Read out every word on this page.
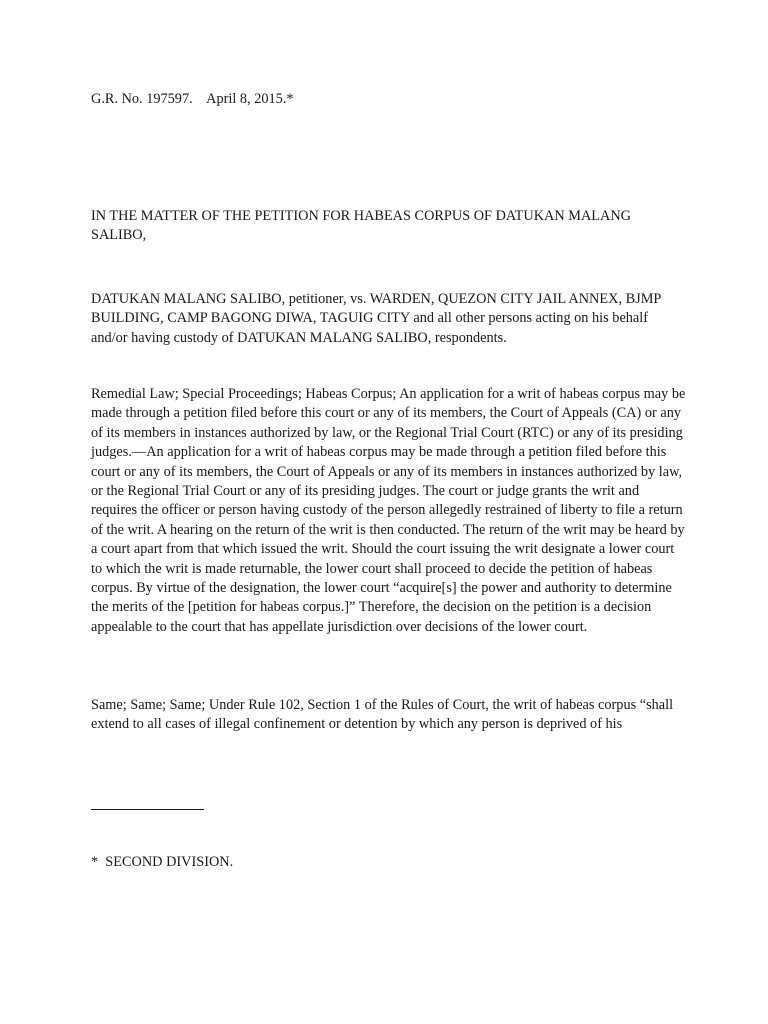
G.R. No. 197597.    April 8, 2015.*

IN THE MATTER OF THE PETITION FOR HABEAS CORPUS OF DATUKAN MALANG SALIBO,

DATUKAN MALANG SALIBO, petitioner, vs. WARDEN, QUEZON CITY JAIL ANNEX, BJMP BUILDING, CAMP BAGONG DIWA, TAGUIG CITY and all other persons acting on his behalf and/or having custody of DATUKAN MALANG SALIBO, respondents.

Remedial Law; Special Proceedings; Habeas Corpus; An application for a writ of habeas corpus may be made through a petition filed before this court or any of its members, the Court of Appeals (CA) or any of its members in instances authorized by law, or the Regional Trial Court (RTC) or any of its presiding judges.—An application for a writ of habeas corpus may be made through a petition filed before this court or any of its members, the Court of Appeals or any of its members in instances authorized by law, or the Regional Trial Court or any of its presiding judges. The court or judge grants the writ and requires the officer or person having custody of the person allegedly restrained of liberty to file a return of the writ. A hearing on the return of the writ is then conducted. The return of the writ may be heard by a court apart from that which issued the writ. Should the court issuing the writ designate a lower court to which the writ is made returnable, the lower court shall proceed to decide the petition of habeas corpus. By virtue of the designation, the lower court “acquire[s] the power and authority to determine the merits of the [petition for habeas corpus.]” Therefore, the decision on the petition is a decision appealable to the court that has appellate jurisdiction over decisions of the lower court.

Same; Same; Same; Under Rule 102, Section 1 of the Rules of Court, the writ of habeas corpus “shall extend to all cases of illegal confinement or detention by which any person is deprived of his

*  SECOND DIVISION.
